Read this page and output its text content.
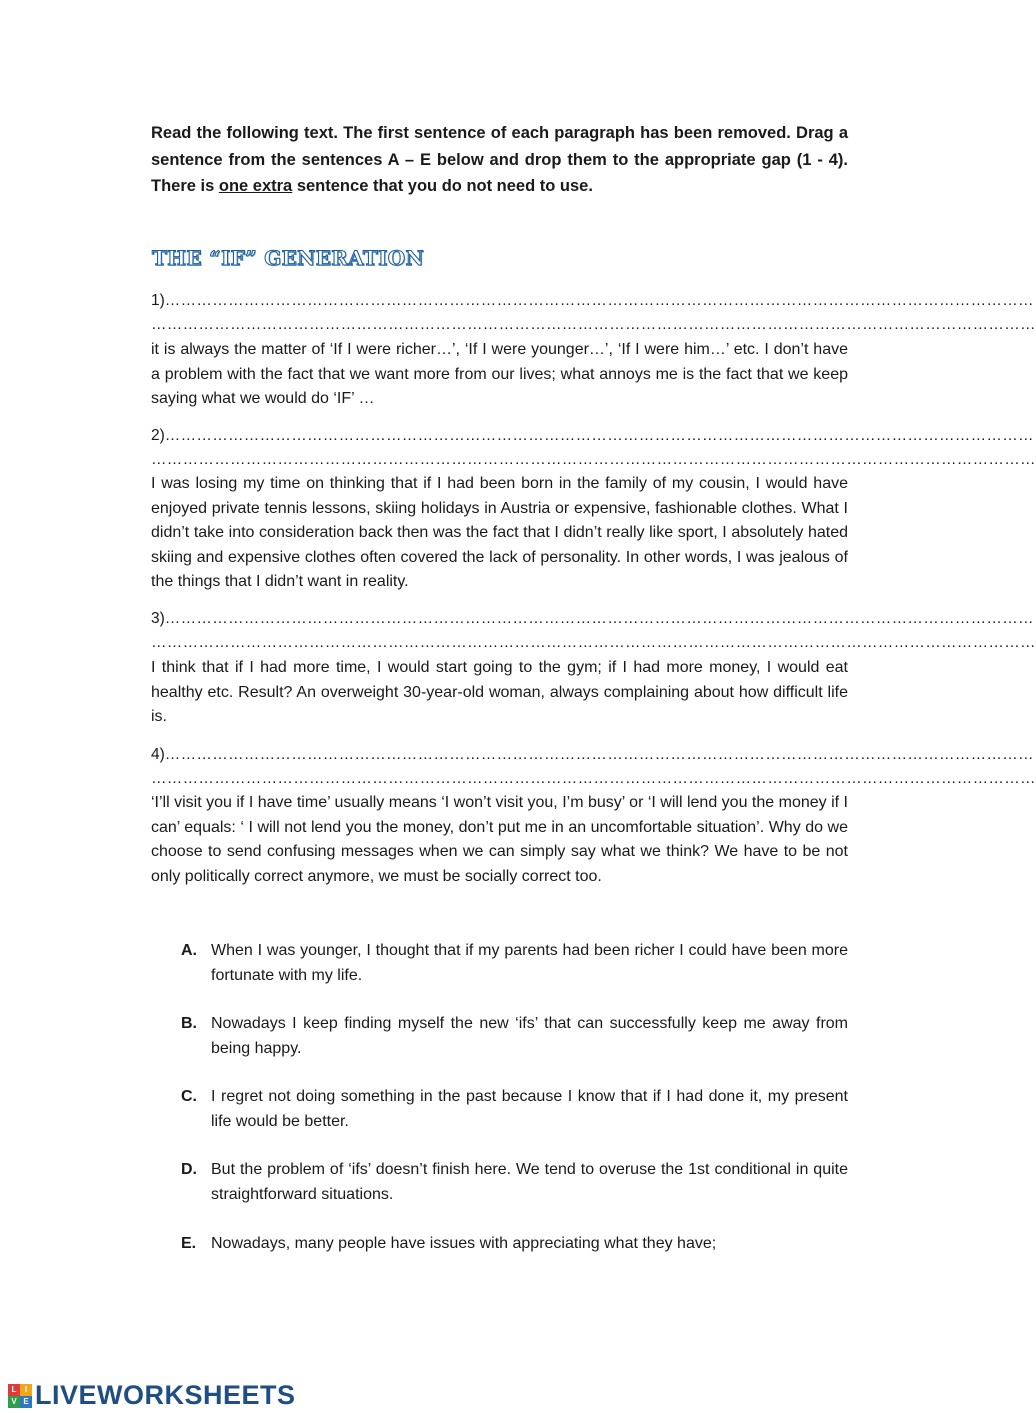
Read the following text. The first sentence of each paragraph has been removed. Drag a sentence from the sentences A – E below and drop them to the appropriate gap (1 - 4). There is one extra sentence that you do not need to use.

THE “IF” GENERATION
1)…………………………………………………………………………………………………………………………………………………
……………………………………………………………………………………………………………………………………………………

it is always the matter of ‘If I were richer…’, ‘If I were younger…’, ‘If I were him…’ etc. I don’t have a problem with the fact that we want more from our lives; what annoys me is the fact that we keep saying what we would do ‘IF’ …

2)…………………………………………………………………………………………………………………………………………………
……………………………………………………………………………………………………………………………………………………

I was losing my time on thinking that if I had been born in the family of my cousin, I would have enjoyed private tennis lessons, skiing holidays in Austria or expensive, fashionable clothes. What I didn’t take into consideration back then was the fact that I didn’t really like sport, I absolutely hated skiing and expensive clothes often covered the lack of personality. In other words, I was jealous of the things that I didn’t want in reality.

3)…………………………………………………………………………………………………………………………………………………
……………………………………………………………………………………………………………………………………………………

I think that if I had more time, I would start going to the gym; if I had more money, I would eat healthy etc. Result? An overweight 30-year-old woman, always complaining about how difficult life is.

4)…………………………………………………………………………………………………………………………………………………
……………………………………………………………………………………………………………………………………………………

‘I’ll visit you if I have time’ usually means ‘I won’t visit you, I’m busy’ or ‘I will lend you the money if I can’ equals: ‘ I will not lend you the money, don’t put me in an uncomfortable situation’. Why do we choose to send confusing messages when we can simply say what we think? We have to be not only politically correct anymore, we must be socially correct too.

A. When I was younger, I thought that if my parents had been richer I could have been more fortunate with my life.
B. Nowadays I keep finding myself the new ‘ifs’ that can successfully keep me away from being happy.
C. I regret not doing something in the past because I know that if I had done it, my present life would be better.
D. But the problem of ‘ifs’ doesn’t finish here. We tend to overuse the 1st conditional in quite straightforward situations.
E. Nowadays, many people have issues with appreciating what they have;
L	I
V E LIVEWORKSHEETS
